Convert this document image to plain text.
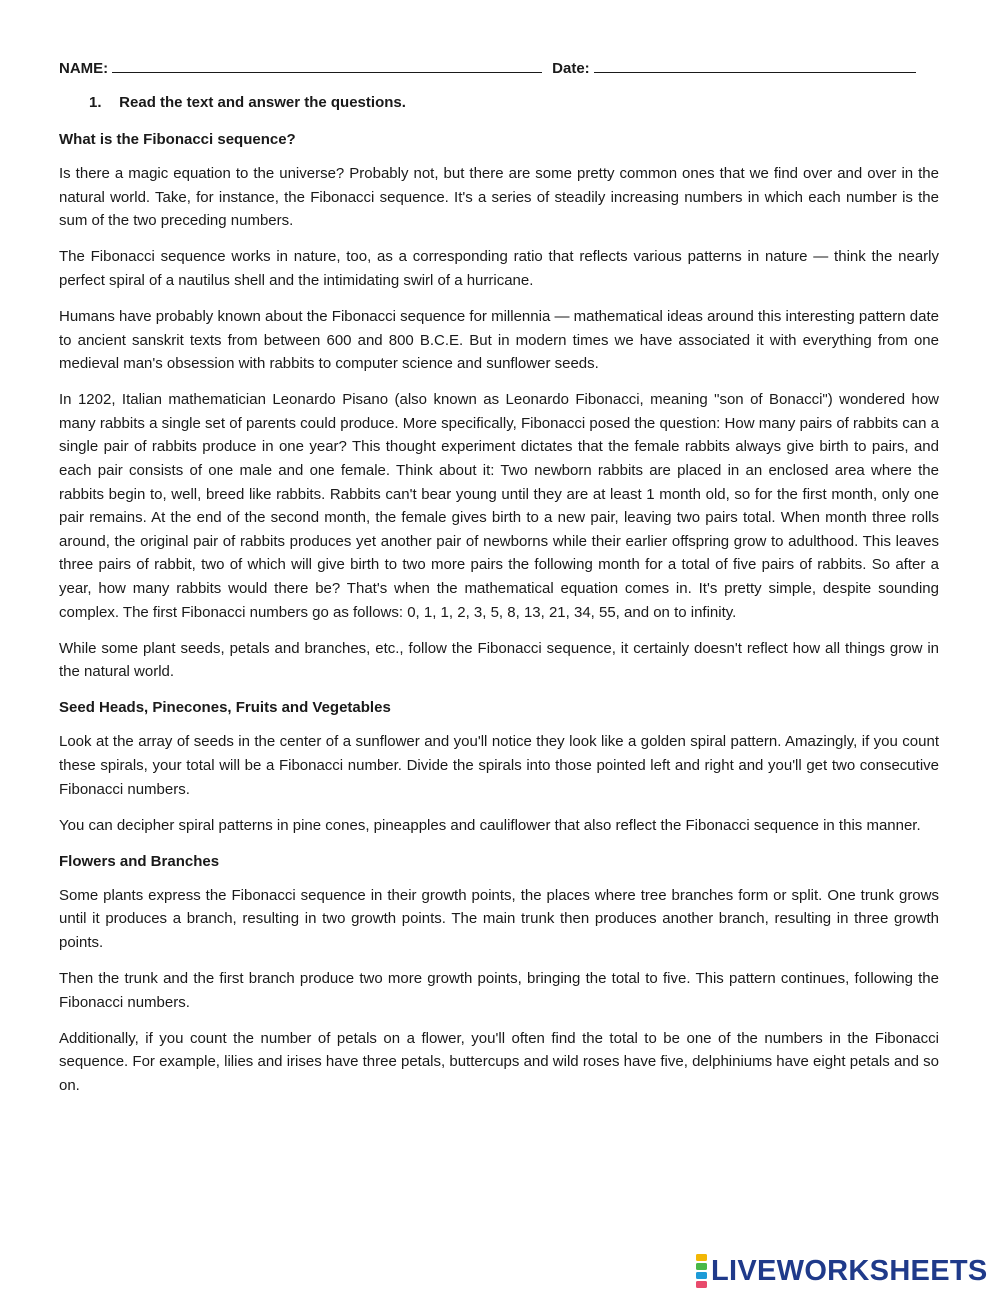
NAME:	Date:
1. Read the text and answer the questions.
What is the Fibonacci sequence?

Is there a magic equation to the universe? Probably not, but there are some pretty common ones that we find over and over in the natural world. Take, for instance, the Fibonacci sequence. It's a series of steadily increasing numbers in which each number is the sum of the two preceding numbers.

The Fibonacci sequence works in nature, too, as a corresponding ratio that reflects various patterns in nature — think the nearly perfect spiral of a nautilus shell and the intimidating swirl of a hurricane.

Humans have probably known about the Fibonacci sequence for millennia — mathematical ideas around this interesting pattern date to ancient sanskrit texts from between 600 and 800 B.C.E. But in modern times we have associated it with everything from one medieval man's obsession with rabbits to computer science and sunflower seeds.

In 1202, Italian mathematician Leonardo Pisano (also known as Leonardo Fibonacci, meaning "son of Bonacci") wondered how many rabbits a single set of parents could produce. More specifically, Fibonacci posed the question: How many pairs of rabbits can a single pair of rabbits produce in one year? This thought experiment dictates that the female rabbits always give birth to pairs, and each pair consists of one male and one female. Think about it: Two newborn rabbits are placed in an enclosed area where the rabbits begin to, well, breed like rabbits. Rabbits can't bear young until they are at least 1 month old, so for the first month, only one pair remains. At the end of the second month, the female gives birth to a new pair, leaving two pairs total. When month three rolls around, the original pair of rabbits produces yet another pair of newborns while their earlier offspring grow to adulthood. This leaves three pairs of rabbit, two of which will give birth to two more pairs the following month for a total of five pairs of rabbits. So after a year, how many rabbits would there be? That's when the mathematical equation comes in. It's pretty simple, despite sounding complex. The first Fibonacci numbers go as follows: 0, 1, 1, 2, 3, 5, 8, 13, 21, 34, 55, and on to infinity.

While some plant seeds, petals and branches, etc., follow the Fibonacci sequence, it certainly doesn't reflect how all things grow in the natural world.

Seed Heads, Pinecones, Fruits and Vegetables

Look at the array of seeds in the center of a sunflower and you'll notice they look like a golden spiral pattern. Amazingly, if you count these spirals, your total will be a Fibonacci number. Divide the spirals into those pointed left and right and you'll get two consecutive Fibonacci numbers.

You can decipher spiral patterns in pine cones, pineapples and cauliflower that also reflect the Fibonacci sequence in this manner.

Flowers and Branches

Some plants express the Fibonacci sequence in their growth points, the places where tree branches form or split. One trunk grows until it produces a branch, resulting in two growth points. The main trunk then produces another branch, resulting in three growth points.

Then the trunk and the first branch produce two more growth points, bringing the total to five. This pattern continues, following the Fibonacci numbers.

Additionally, if you count the number of petals on a flower, you'll often find the total to be one of the numbers in the Fibonacci sequence. For example, lilies and irises have three petals, buttercups and wild roses have five, delphiniums have eight petals and so on.

LIVEWORKSHEETS
